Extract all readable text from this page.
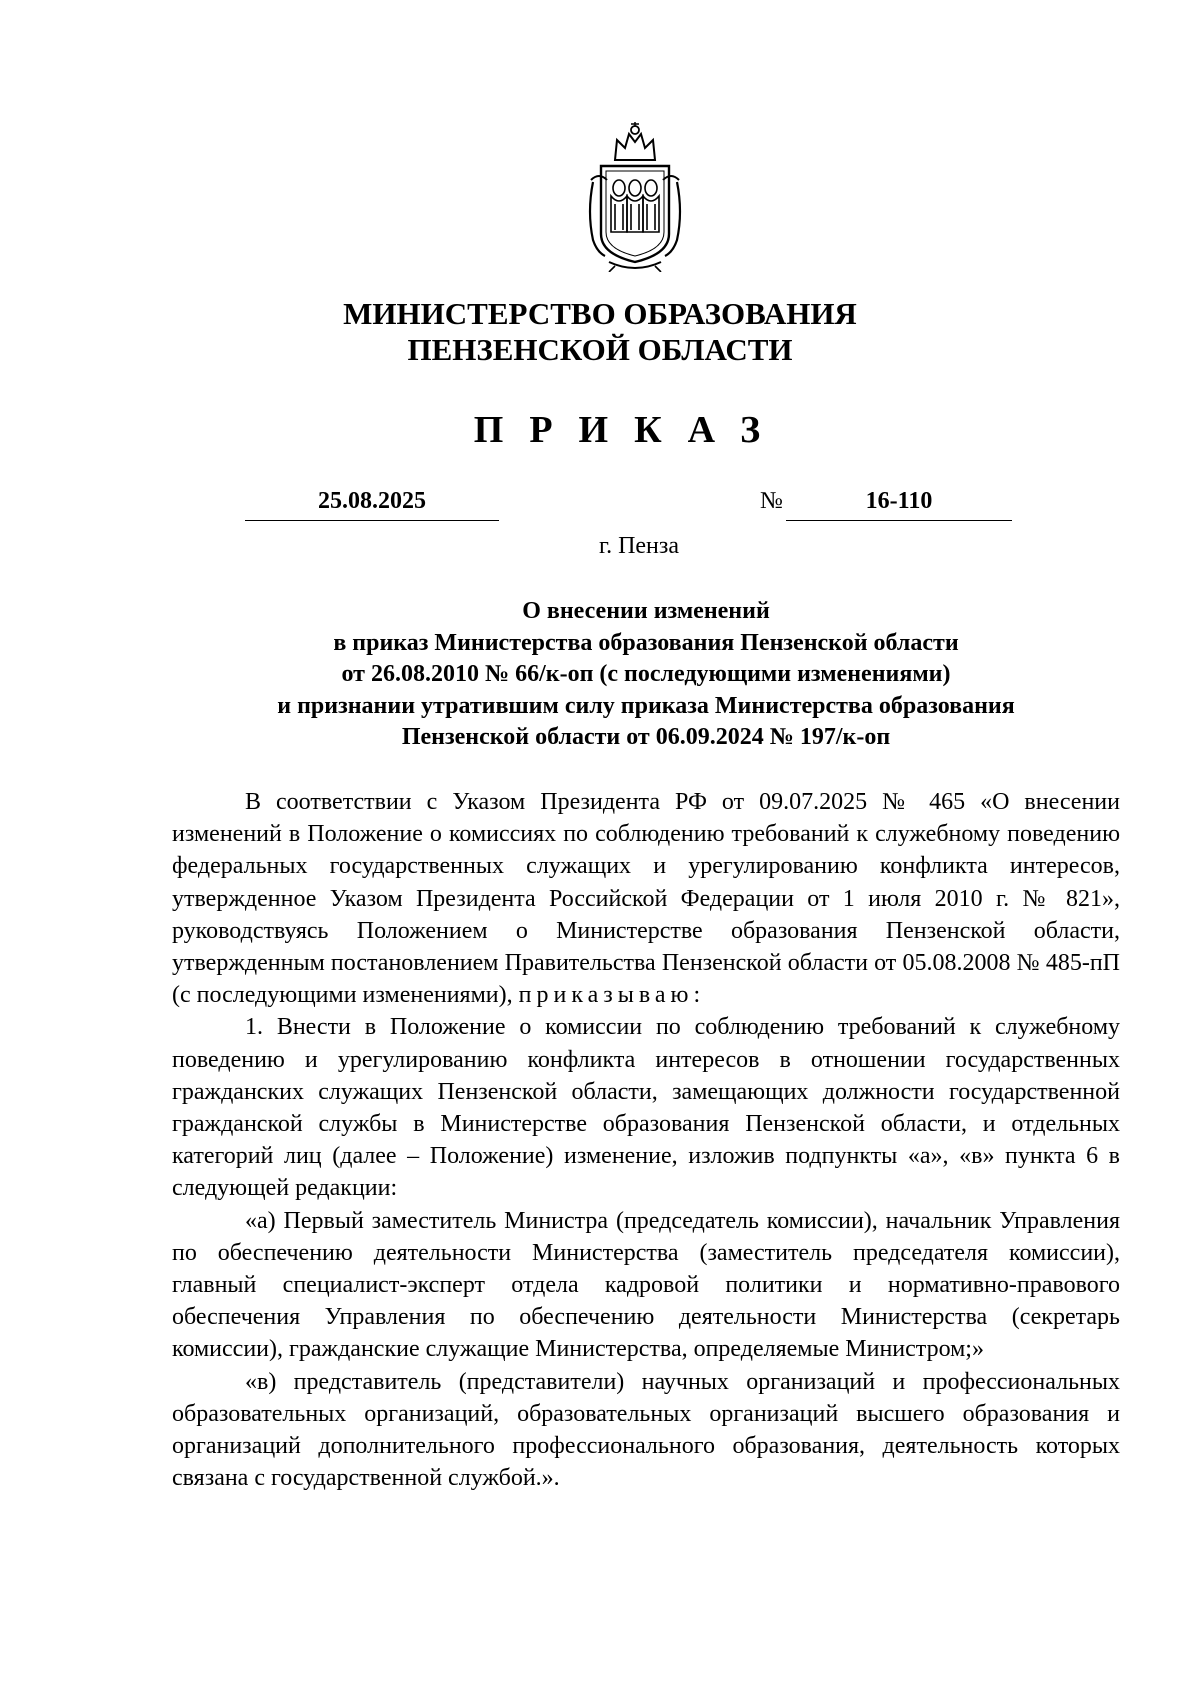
МИНИСТЕРСТВО ОБРАЗОВАНИЯ
ПЕНЗЕНСКОЙ ОБЛАСТИ
ПРИКАЗ
25.08.2025	№	16-110
г. Пенза
О внесении изменений
в приказ Министерства образования Пензенской области
от 26.08.2010 № 66/к-оп (с последующими изменениями)
и признании утратившим силу приказа Министерства образования
Пензенской области от 06.09.2024 № 197/к-оп

В соответствии с Указом Президента РФ от 09.07.2025 № 465 «О внесении изменений в Положение о комиссиях по соблюдению требований к служебному поведению федеральных государственных служащих и урегулированию конфликта интересов, утвержденное Указом Президента Российской Федерации от 1 июля 2010 г. № 821», руководствуясь Положением о Министерстве образования Пензенской области, утвержденным постановлением Правительства Пензенской области от 05.08.2008 № 485-пП (с последующими изменениями), приказываю:

1. Внести в Положение о комиссии по соблюдению требований к служебному поведению и урегулированию конфликта интересов в отношении государственных гражданских служащих Пензенской области, замещающих должности государственной гражданской службы в Министерстве образования Пензенской области, и отдельных категорий лиц (далее – Положение) изменение, изложив подпункты «а», «в» пункта 6 в следующей редакции:

«а) Первый заместитель Министра (председатель комиссии), начальник Управления по обеспечению деятельности Министерства (заместитель председателя комиссии), главный специалист-эксперт отдела кадровой политики и нормативно-правового обеспечения Управления по обеспечению деятельности Министерства (секретарь комиссии), гражданские служащие Министерства, определяемые Министром;»

«в) представитель (представители) научных организаций и профессиональных образовательных организаций, образовательных организаций высшего образования и организаций дополнительного профессионального образования, деятельность которых связана с государственной службой.».
